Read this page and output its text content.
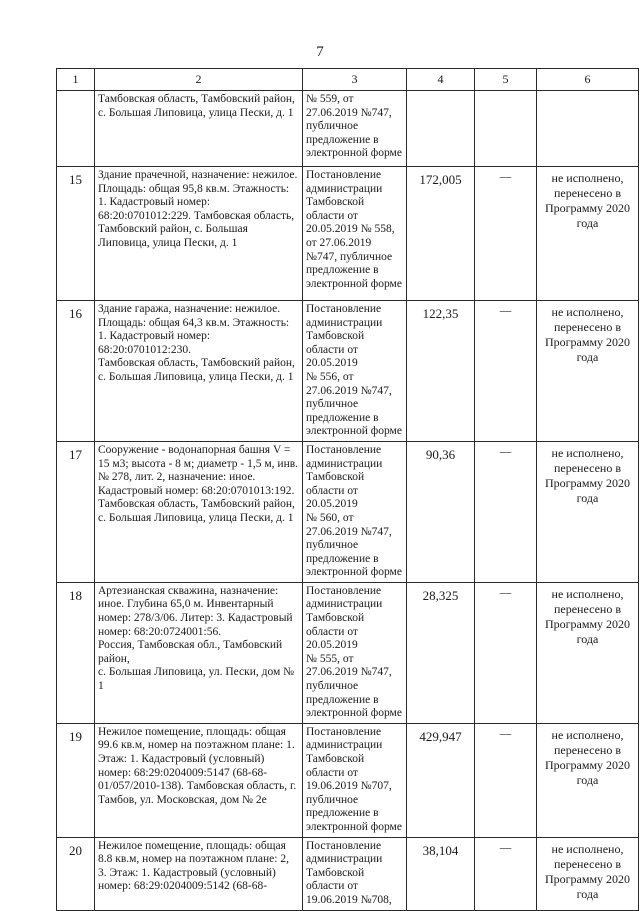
7
1	2	3	4	5	6
	Тамбовская область, Тамбовский район,
с. Большая Липовица, улица Пески, д. 1	№ 559, от 27.06.2019 №747, публичное предложение в электронной форме			
15	Здание прачечной, назначение: нежилое. Площадь: общая 95,8 кв.м. Этажность: 1. Кадастровый номер: 68:20:0701012:229. Тамбовская область, Тамбовский район, с. Большая Липовица, улица Пески, д. 1	Постановление администрации Тамбовской области от 20.05.2019 № 558, от 27.06.2019 №747, публичное предложение в электронной форме	172,005	—	не исполнено, перенесено в Программу 2020 года
16	Здание гаража, назначение: нежилое. Площадь: общая 64,3 кв.м. Этажность: 1. Кадастровый номер: 68:20:0701012:230.
Тамбовская область, Тамбовский район, с. Большая Липовица, улица Пески, д. 1	Постановление администрации Тамбовской области от 20.05.2019
№ 556, от 27.06.2019 №747, публичное предложение в электронной форме	122,35	—	не исполнено, перенесено в Программу 2020 года
17	Сооружение - водонапорная башня V = 15 м3; высота - 8 м; диаметр - 1,5 м, инв. № 278, лит. 2, назначение: иное. Кадастровый номер: 68:20:0701013:192.
Тамбовская область, Тамбовский район, с. Большая Липовица, улица Пески, д. 1	Постановление администрации Тамбовской области от 20.05.2019
№ 560, от 27.06.2019 №747, публичное предложение в электронной форме	90,36	—	не исполнено, перенесено в Программу 2020 года
18	Артезианская скважина, назначение: иное. Глубина 65,0 м. Инвентарный номер: 278/3/06. Литер: 3. Кадастровый номер: 68:20:0724001:56.
Россия, Тамбовская обл., Тамбовский район,
с. Большая Липовица, ул. Пески, дом № 1	Постановление администрации Тамбовской области от 20.05.2019
№ 555, от 27.06.2019 №747, публичное предложение в электронной форме	28,325	—	не исполнено, перенесено в Программу 2020 года
19	Нежилое помещение, площадь: общая 99.6 кв.м, номер на поэтажном плане: 1. Этаж: 1. Кадастровый (условный) номер: 68:29:0204009:5147 (68-68-01/057/2010-138). Тамбовская область, г. Тамбов, ул. Московская, дом № 2е	Постановление администрации Тамбовской области от 19.06.2019 №707, публичное предложение в электронной форме	429,947	—	не исполнено, перенесено в Программу 2020 года
20	Нежилое помещение, площадь: общая 8.8 кв.м, номер на поэтажном плане: 2, 3. Этаж: 1. Кадастровый (условный) номер: 68:29:0204009:5142 (68-68-	Постановление администрации Тамбовской области от 19.06.2019 №708,	38,104	—	не исполнено, перенесено в Программу 2020 года
